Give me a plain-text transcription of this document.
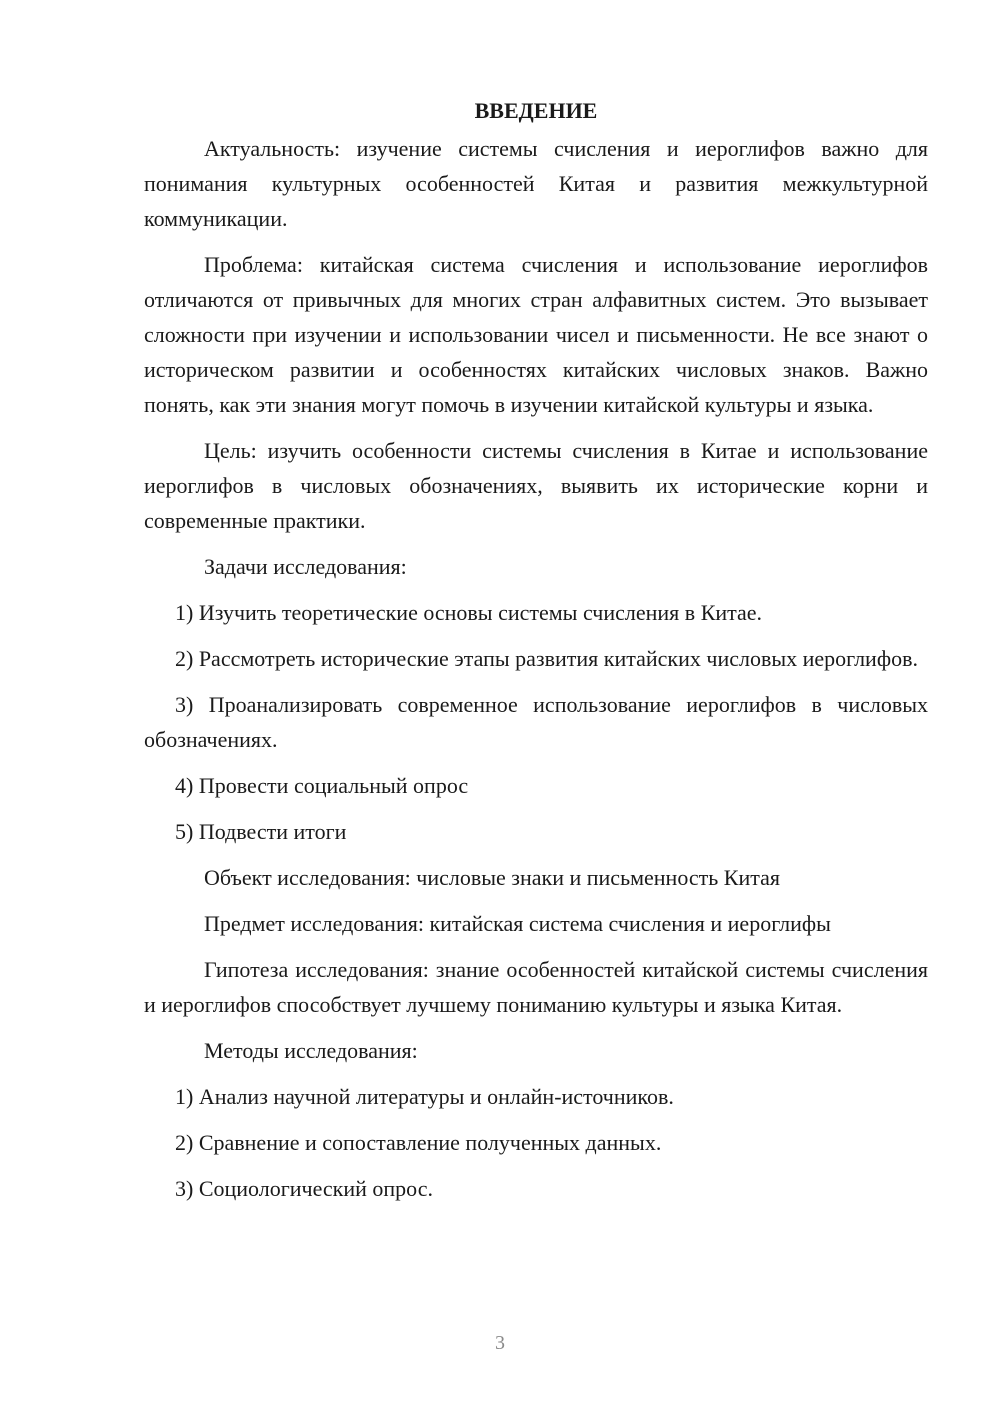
ВВЕДЕНИЕ

Актуальность: изучение системы счисления и иероглифов важно для понимания культурных особенностей Китая и развития межкультурной коммуникации.

Проблема: китайская система счисления и использование иероглифов отличаются от привычных для многих стран алфавитных систем. Это вызывает сложности при изучении и использовании чисел и письменности. Не все знают о историческом развитии и особенностях китайских числовых знаков. Важно понять, как эти знания могут помочь в изучении китайской культуры и языка.

Цель: изучить особенности системы счисления в Китае и использование иероглифов в числовых обозначениях, выявить их исторические корни и современные практики.

Задачи исследования:

1) Изучить теоретические основы системы счисления в Китае.

2) Рассмотреть исторические этапы развития китайских числовых иероглифов.

3) Проанализировать современное использование иероглифов в числовых обозначениях.

4) Провести социальный опрос

5) Подвести итоги

Объект исследования: числовые знаки и письменность Китая

Предмет исследования: китайская система счисления и иероглифы

Гипотеза исследования: знание особенностей китайской системы счисления и иероглифов способствует лучшему пониманию культуры и языка Китая.

Методы исследования:

1) Анализ научной литературы и онлайн-источников.

2) Сравнение и сопоставление полученных данных.

3) Социологический опрос.

3
